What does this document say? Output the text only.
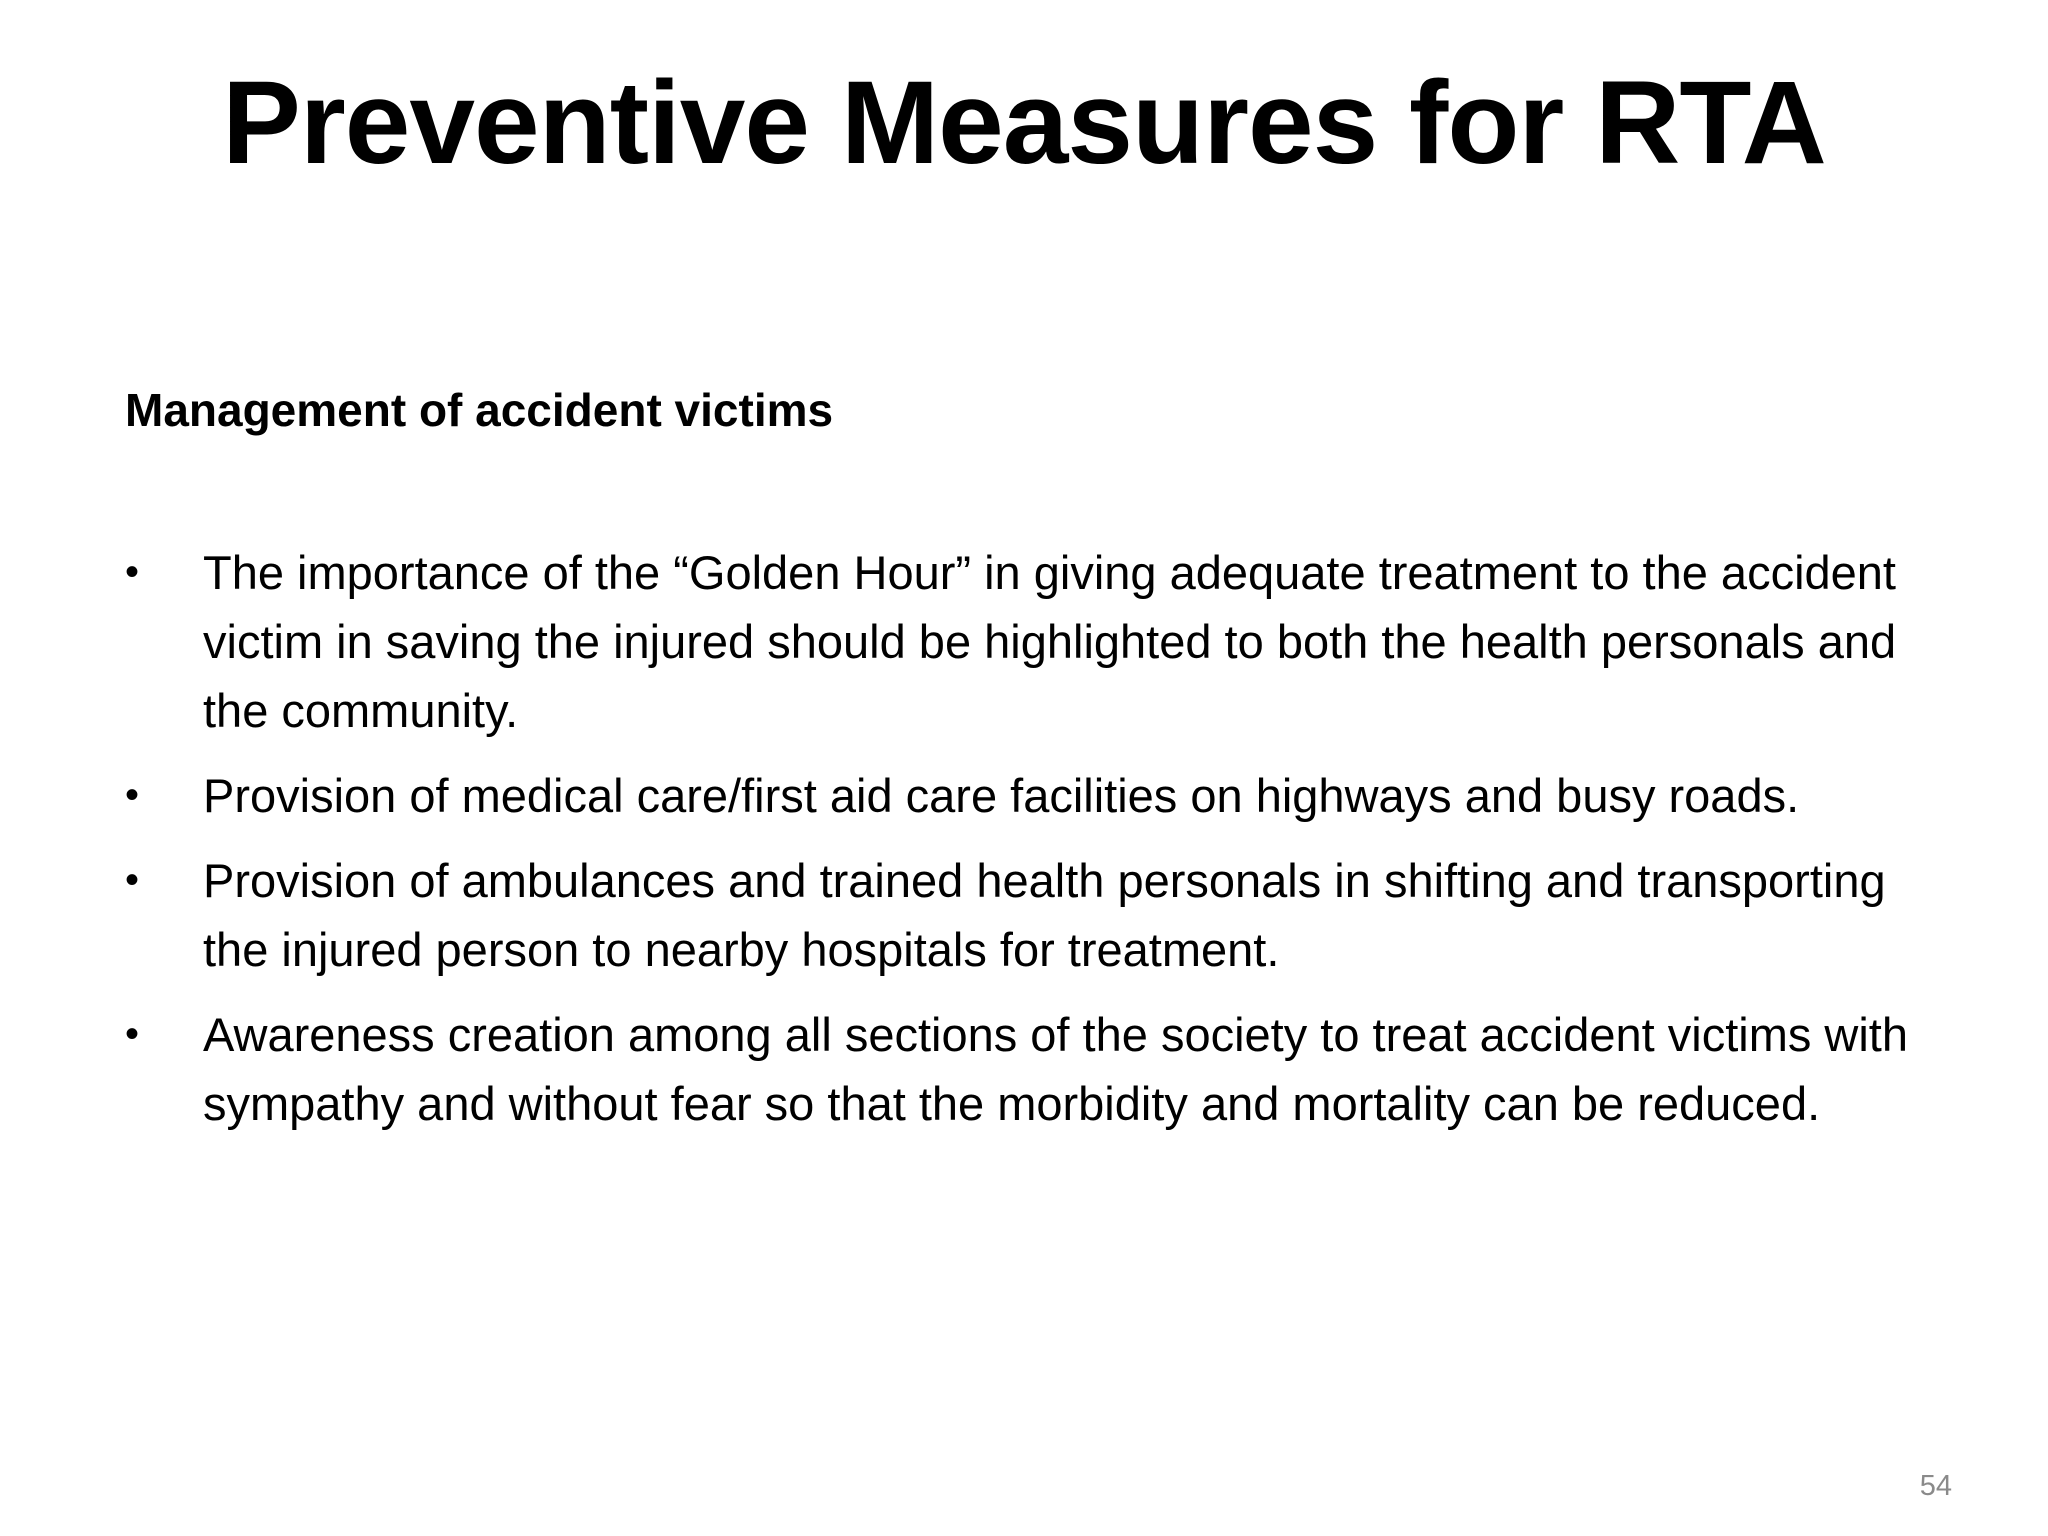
Preventive Measures for RTA
Management of accident victims
•	The importance of the “Golden Hour” in giving adequate treatment to the accident victim in saving the injured should be highlighted to both the health personals and the community.
•	Provision of medical care/first aid care facilities on highways and busy roads.
•	Provision of ambulances and trained health personals in shifting and transporting the injured person to nearby hospitals for treatment.
•	Awareness creation among all sections of the society to treat accident victims with sympathy and without fear so that the morbidity and mortality can be reduced.

54
